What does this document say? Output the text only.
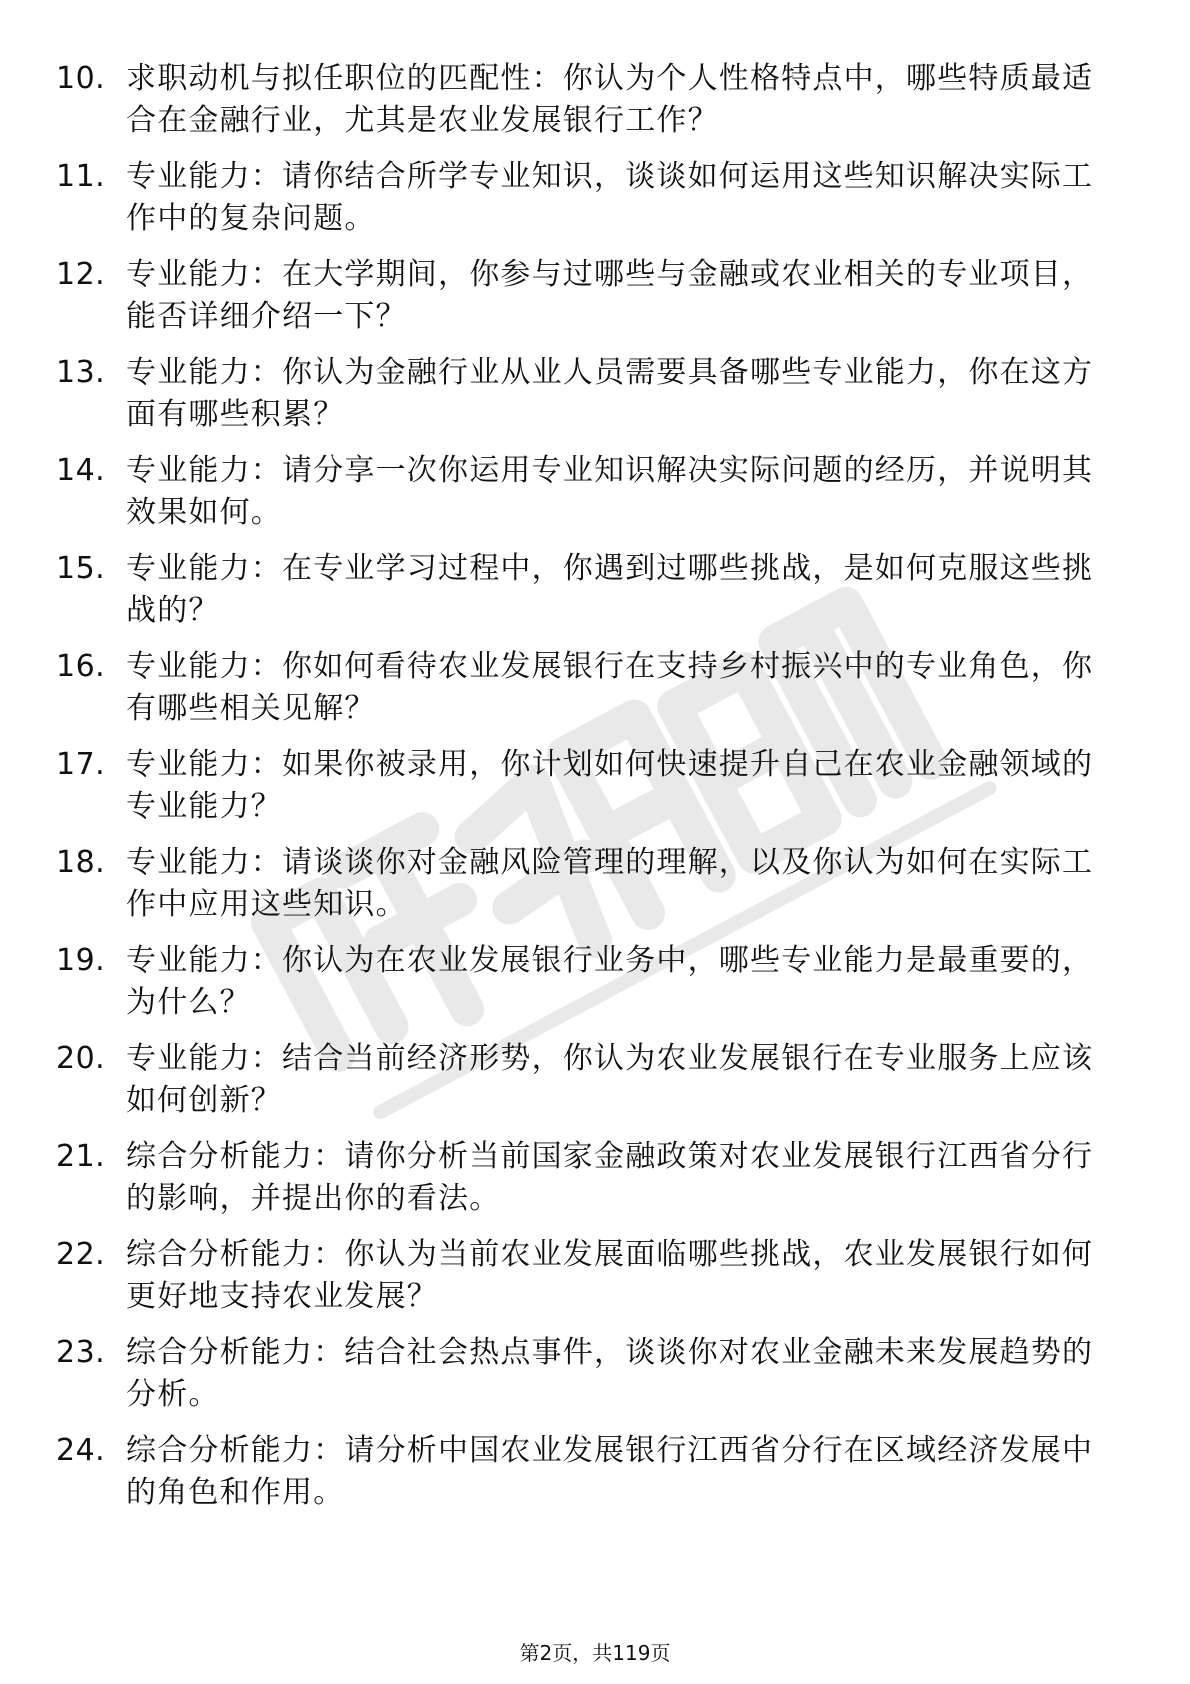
10. 求职动机与拟任职位的匹配性：你认为个人性格特点中，哪些特质最适合在金融行业，尤其是农业发展银行工作？
11. 专业能力：请你结合所学专业知识，谈谈如何运用这些知识解决实际工作中的复杂问题。
12. 专业能力：在大学期间，你参与过哪些与金融或农业相关的专业项目，能否详细介绍一下？
13. 专业能力：你认为金融行业从业人员需要具备哪些专业能力，你在这方面有哪些积累？
14. 专业能力：请分享一次你运用专业知识解决实际问题的经历，并说明其效果如何。
15. 专业能力：在专业学习过程中，你遇到过哪些挑战，是如何克服这些挑战的？
16. 专业能力：你如何看待农业发展银行在支持乡村振兴中的专业角色，你有哪些相关见解？
17. 专业能力：如果你被录用，你计划如何快速提升自己在农业金融领域的专业能力？
18. 专业能力：请谈谈你对金融风险管理的理解，以及你认为如何在实际工作中应用这些知识。
19. 专业能力：你认为在农业发展银行业务中，哪些专业能力是最重要的，为什么？
20. 专业能力：结合当前经济形势，你认为农业发展银行在专业服务上应该如何创新？
21. 综合分析能力：请你分析当前国家金融政策对农业发展银行江西省分行的影响，并提出你的看法。
22. 综合分析能力：你认为当前农业发展面临哪些挑战，农业发展银行如何更好地支持农业发展？
23. 综合分析能力：结合社会热点事件，谈谈你对农业金融未来发展趋势的分析。
24. 综合分析能力：请分析中国农业发展银行江西省分行在区域经济发展中的角色和作用。
第2页，共119页
